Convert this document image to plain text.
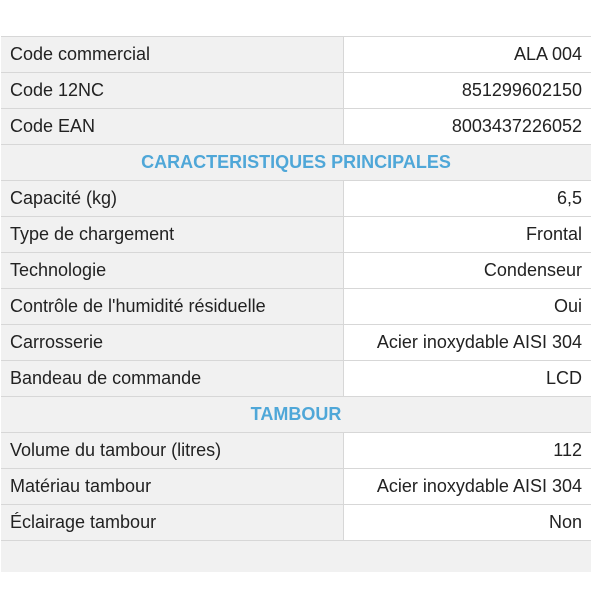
Code commercial	ALA 004
Code 12NC	851299602150
Code EAN	8003437226052
CARACTERISTIQUES PRINCIPALES
Capacité (kg)	6,5
Type de chargement	Frontal
Technologie	Condenseur
Contrôle de l'humidité résiduelle	Oui
Carrosserie	Acier inoxydable AISI 304
Bandeau de commande	LCD
TAMBOUR
Volume du tambour (litres)	112
Matériau tambour	Acier inoxydable AISI 304
Éclairage tambour	Non
